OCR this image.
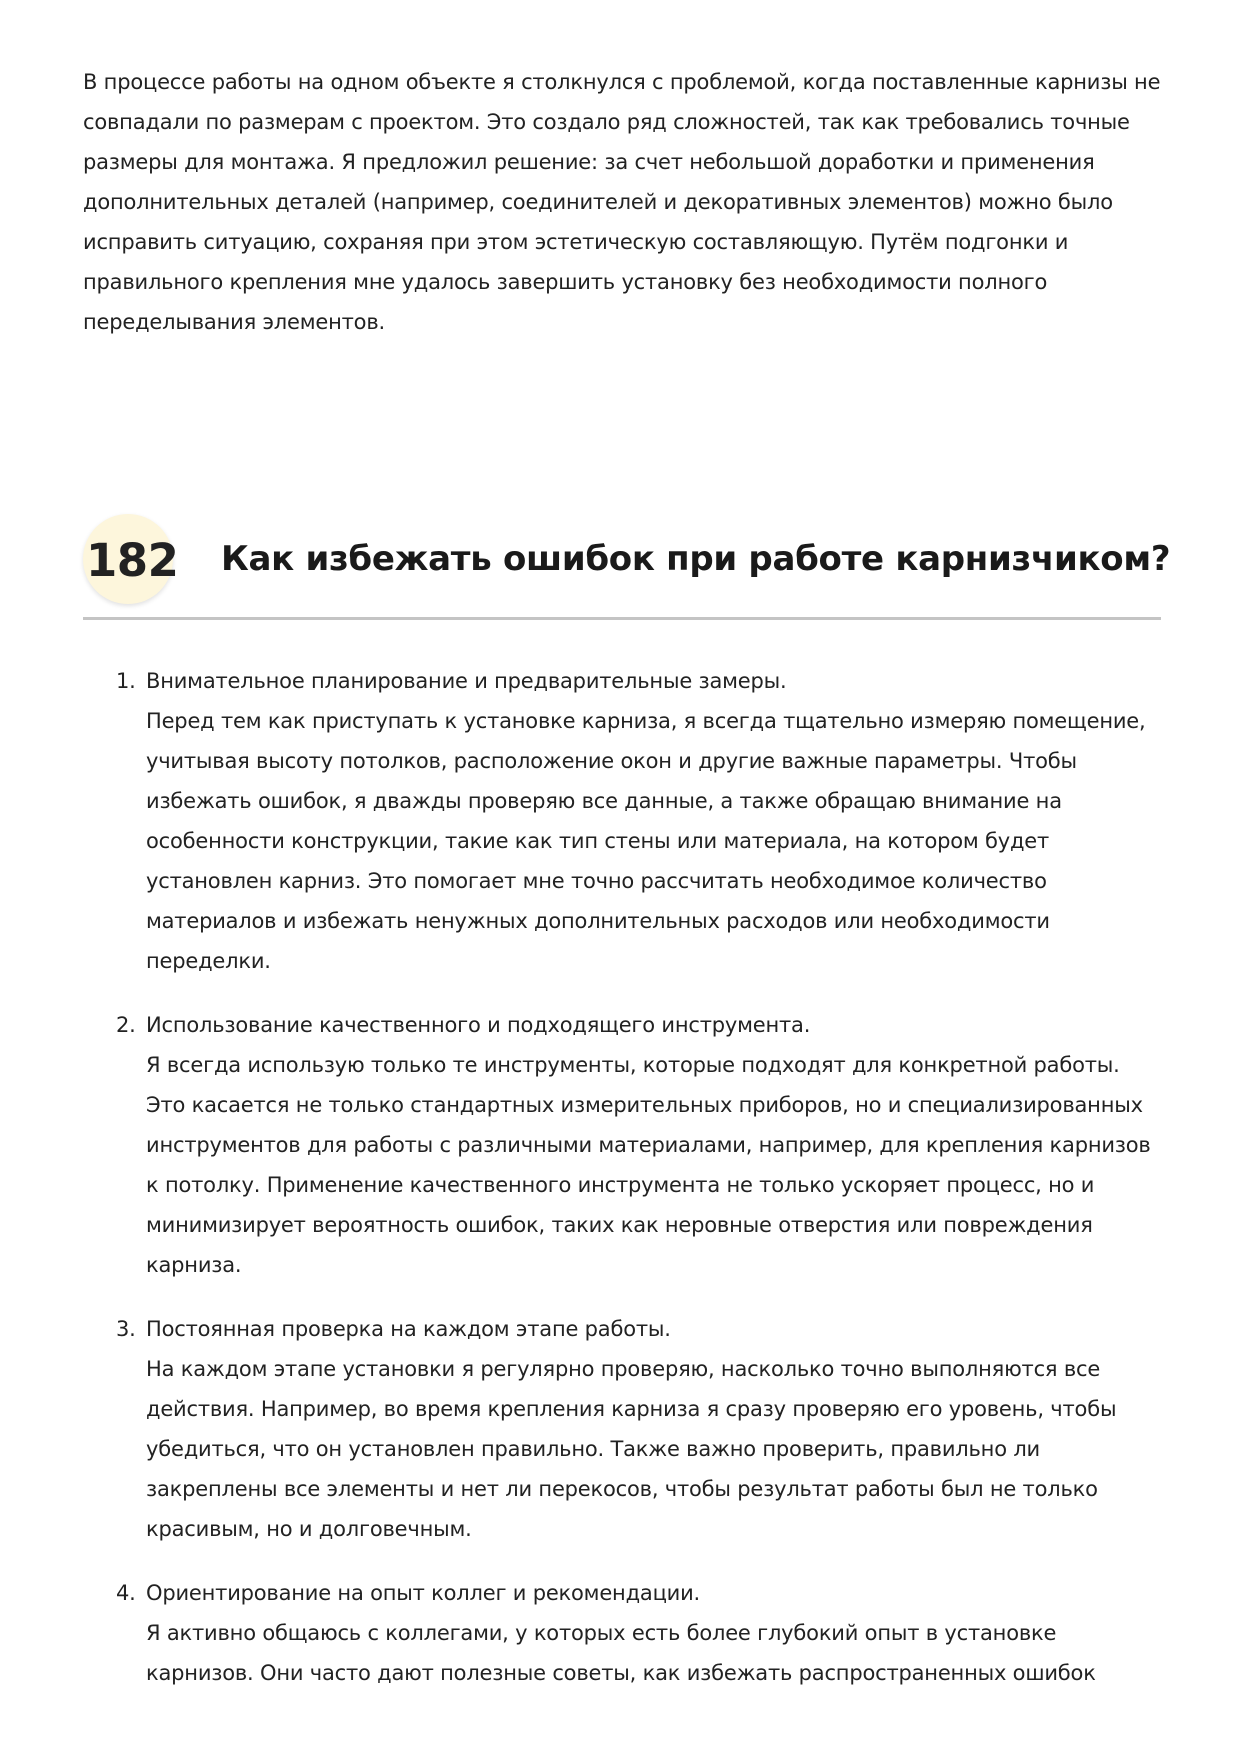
В процессе работы на одном объекте я столкнулся с проблемой, когда поставленные карнизы не совпадали по размерам с проектом. Это создало ряд сложностей, так как требовались точные размеры для монтажа. Я предложил решение: за счет небольшой доработки и применения дополнительных деталей (например, соединителей и декоративных элементов) можно было исправить ситуацию, сохраняя при этом эстетическую составляющую. Путём подгонки и правильного крепления мне удалось завершить установку без необходимости полного переделывания элементов.

182 Как избежать ошибок при работе карнизчиком?
1. Внимательное планирование и предварительные замеры.
Перед тем как приступать к установке карниза, я всегда тщательно измеряю помещение, учитывая высоту потолков, расположение окон и другие важные параметры. Чтобы избежать ошибок, я дважды проверяю все данные, а также обращаю внимание на особенности конструкции, такие как тип стены или материала, на котором будет установлен карниз. Это помогает мне точно рассчитать необходимое количество материалов и избежать ненужных дополнительных расходов или необходимости переделки.
2. Использование качественного и подходящего инструмента.
Я всегда использую только те инструменты, которые подходят для конкретной работы. Это касается не только стандартных измерительных приборов, но и специализированных инструментов для работы с различными материалами, например, для крепления карнизов к потолку. Применение качественного инструмента не только ускоряет процесс, но и минимизирует вероятность ошибок, таких как неровные отверстия или повреждения карниза.
3. Постоянная проверка на каждом этапе работы.
На каждом этапе установки я регулярно проверяю, насколько точно выполняются все действия. Например, во время крепления карниза я сразу проверяю его уровень, чтобы убедиться, что он установлен правильно. Также важно проверить, правильно ли закреплены все элементы и нет ли перекосов, чтобы результат работы был не только красивым, но и долговечным.
4. Ориентирование на опыт коллег и рекомендации.
Я активно общаюсь с коллегами, у которых есть более глубокий опыт в установке карнизов. Они часто дают полезные советы, как избежать распространенных ошибок
